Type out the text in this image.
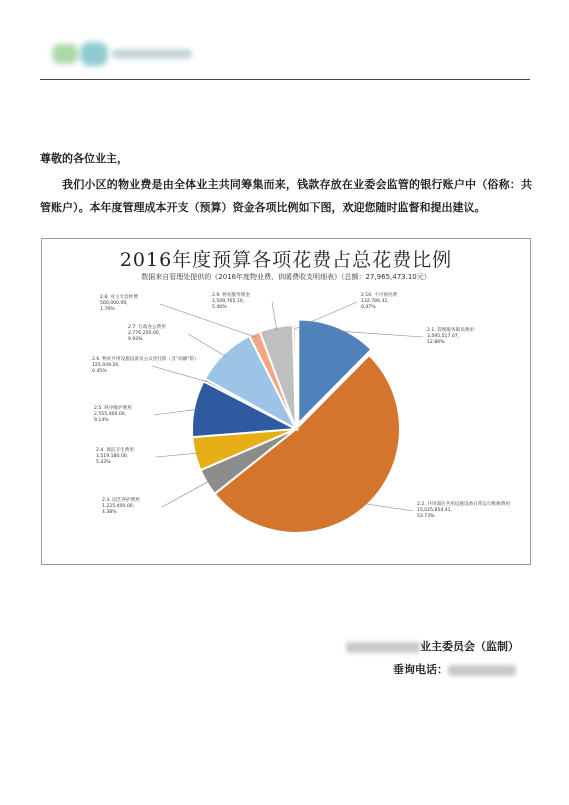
尊敬的各位业主，
我们小区的物业费是由全体业主共同筹集而来，钱款存放在业委会监管的银行账户中（俗称：共管账户）。本年度管理成本开支（预算）资金各项比例如下图，欢迎您随时监督和提出建议。
2.1. 管理服务职员费用 3,595,517.07， 12.86%
2.2. 共用部位共用设施设备日常运行维修费用 15,025,854.41， 53.73%
2.3. 园艺养护费用 1,225,400.00， 4.38%
2.4. 保洁卫生费用 1,519,180.00， 5.43%
2.5. 秩序维护费用 2,555,400.00， 9.14%
2.6. 物业共用设施设备及公众责任险（含“高额”险） 125,939.20， 0.45%
2.7. 行政办公费用 2,776,250.00， 9.93%
2.8. 业主大会经费 500,000.00， 1.79%
2.9. 物业服务佣金 1,509,765.10， 5.40%
2.10. 不可预见费 132,786.32， 0.47%
2016年度预算各项花费占总花费比例
数据来自管理处提供的《2016年度物业费、供暖费收支明细表》（总额：27,965,473.10元）
业主委员会（监制）
垂询电话：
